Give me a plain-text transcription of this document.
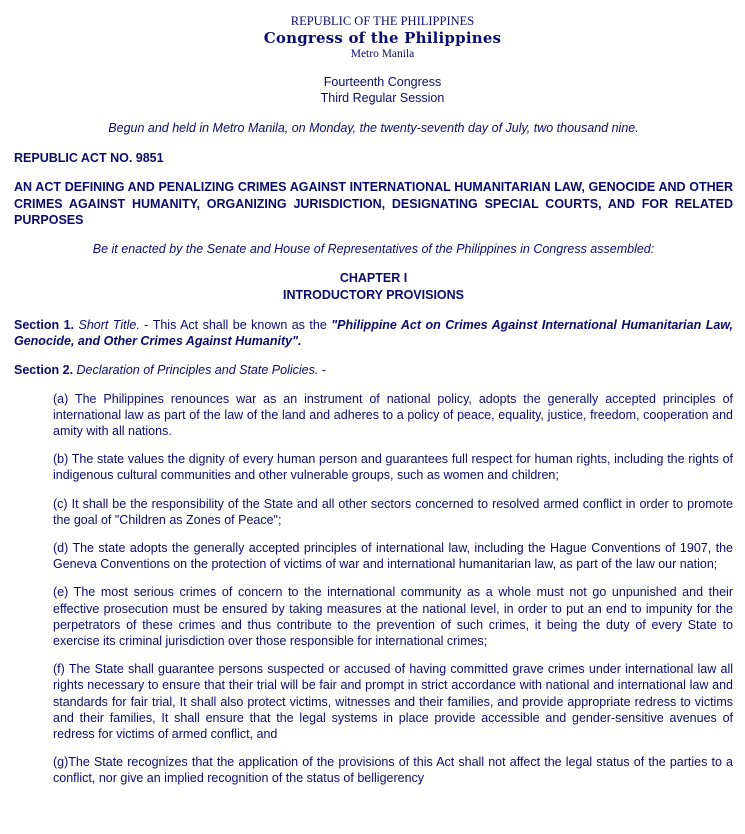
REPUBLIC OF THE PHILIPPINES
Congress of the Philippines
Metro Manila
Fourteenth Congress
Third Regular Session
Begun and held in Metro Manila, on Monday, the twenty-seventh day of July, two thousand nine.
REPUBLIC ACT NO. 9851
AN ACT DEFINING AND PENALIZING CRIMES AGAINST INTERNATIONAL HUMANITARIAN LAW, GENOCIDE AND OTHER CRIMES AGAINST HUMANITY, ORGANIZING JURISDICTION, DESIGNATING SPECIAL COURTS, AND FOR RELATED PURPOSES
Be it enacted by the Senate and House of Representatives of the Philippines in Congress assembled:
CHAPTER I
INTRODUCTORY PROVISIONS
Section 1. Short Title. - This Act shall be known as the "Philippine Act on Crimes Against International Humanitarian Law, Genocide, and Other Crimes Against Humanity".
Section 2. Declaration of Principles and State Policies. -
(a) The Philippines renounces war as an instrument of national policy, adopts the generally accepted principles of international law as part of the law of the land and adheres to a policy of peace, equality, justice, freedom, cooperation and amity with all nations.
(b) The state values the dignity of every human person and guarantees full respect for human rights, including the rights of indigenous cultural communities and other vulnerable groups, such as women and children;
(c) It shall be the responsibility of the State and all other sectors concerned to resolved armed conflict in order to promote the goal of "Children as Zones of Peace";
(d) The state adopts the generally accepted principles of international law, including the Hague Conventions of 1907, the Geneva Conventions on the protection of victims of war and international humanitarian law, as part of the law our nation;
(e) The most serious crimes of concern to the international community as a whole must not go unpunished and their effective prosecution must be ensured by taking measures at the national level, in order to put an end to impunity for the perpetrators of these crimes and thus contribute to the prevention of such crimes, it being the duty of every State to exercise its criminal jurisdiction over those responsible for international crimes;
(f) The State shall guarantee persons suspected or accused of having committed grave crimes under international law all rights necessary to ensure that their trial will be fair and prompt in strict accordance with national and international law and standards for fair trial, It shall also protect victims, witnesses and their families, and provide appropriate redress to victims and their families, It shall ensure that the legal systems in place provide accessible and gender-sensitive avenues of redress for victims of armed conflict, and
(g)The State recognizes that the application of the provisions of this Act shall not affect the legal status of the parties to a conflict, nor give an implied recognition of the status of belligerency
